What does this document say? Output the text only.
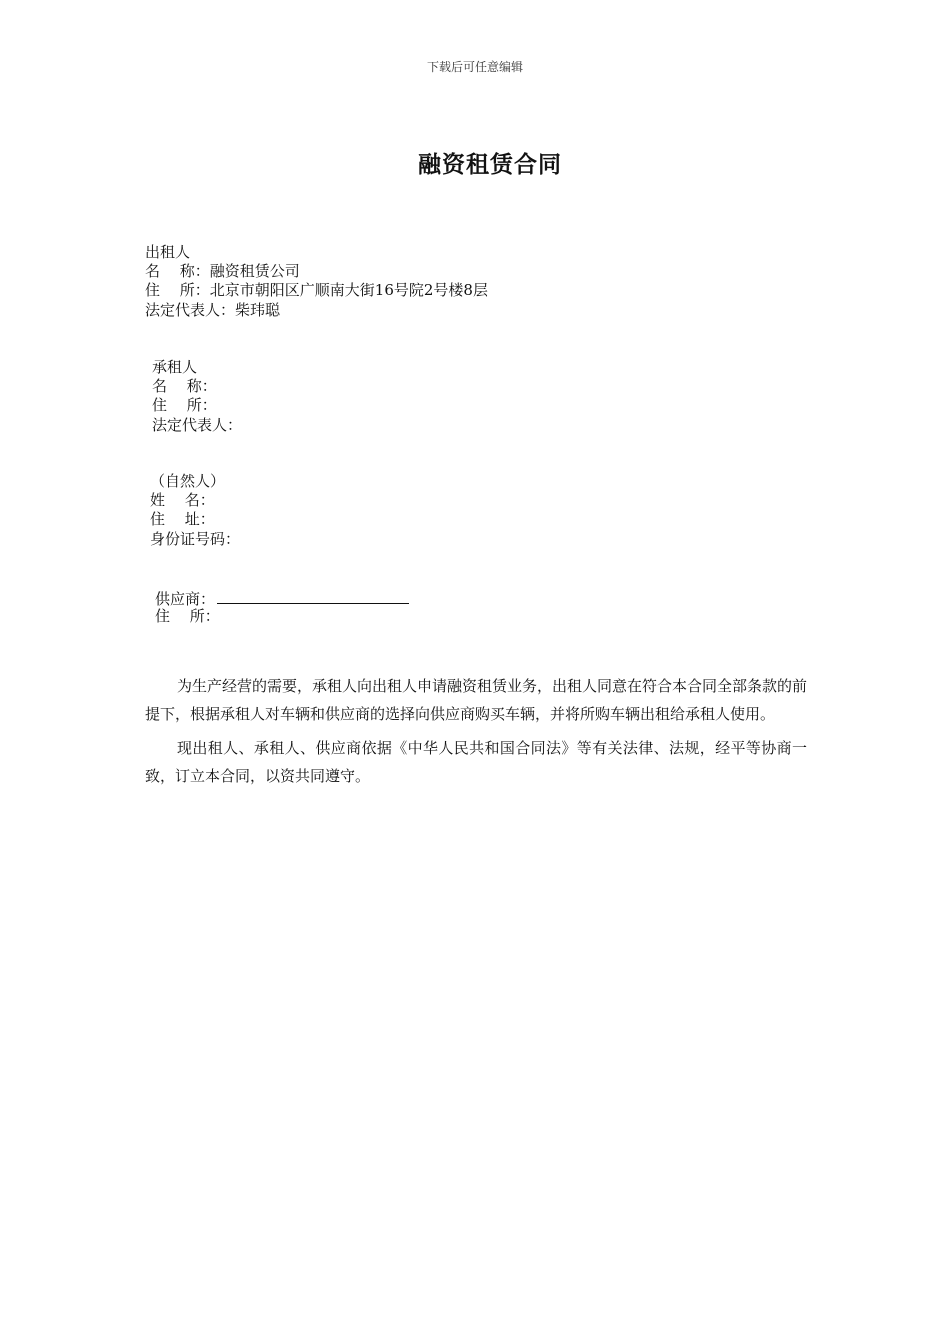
下载后可任意编辑
融资租赁合同
出租人
名　 称：融资租赁公司
住　 所：北京市朝阳区广顺南大街16号院2号楼8层
法定代表人：柴玮聪
承租人
名　 称：
住　 所：
法定代表人：
（自然人）
姓　 名：
住　 址：
身份证号码：
供应商：
住　 所：

为生产经营的需要，承租人向出租人申请融资租赁业务，出租人同意在符合本合同全部条款的前提下，根据承租人对车辆和供应商的选择向供应商购买车辆，并将所购车辆出租给承租人使用。

现出租人、承租人、供应商依据《中华人民共和国合同法》等有关法律、法规，经平等协商一致，订立本合同，以资共同遵守。
